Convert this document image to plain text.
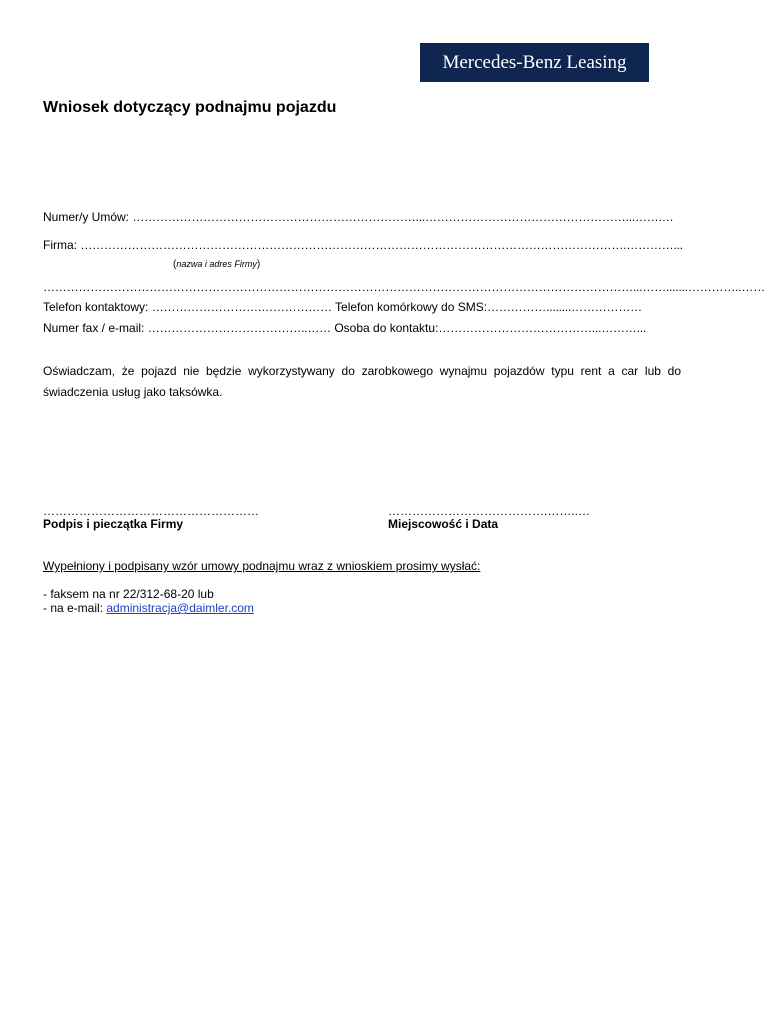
Mercedes-Benz Leasing
Wniosek dotyczący podnajmu pojazdu
Numer/y Umów: ………………………………………………………………...……………………………………………...…….…
Firma: ………………………………………………………………………………………………………………………….…………...
(nazwa i adres Firmy)
……………………………………………………………………………………………………………………………………...…….......…………..……
Telefon kontaktowy: ……………………….……………… Telefon komórkowy do SMS:……………........………………
Numer fax / e-mail: …………………………………..…… Osoba do kontaktu:…………………………………...………...
Oświadczam, że pojazd nie będzie wykorzystywany do zarobkowego wynajmu pojazdów typu rent a car lub do świadczenia usług jako taksówka.
………………………………………………
Podpis i pieczątka Firmy
………………………………….……..…
Miejscowość i Data
Wypełniony i podpisany wzór umowy podnajmu wraz z wnioskiem prosimy wysłać:
- faksem na nr 22/312-68-20 lub
- na e-mail: administracja@daimler.com
